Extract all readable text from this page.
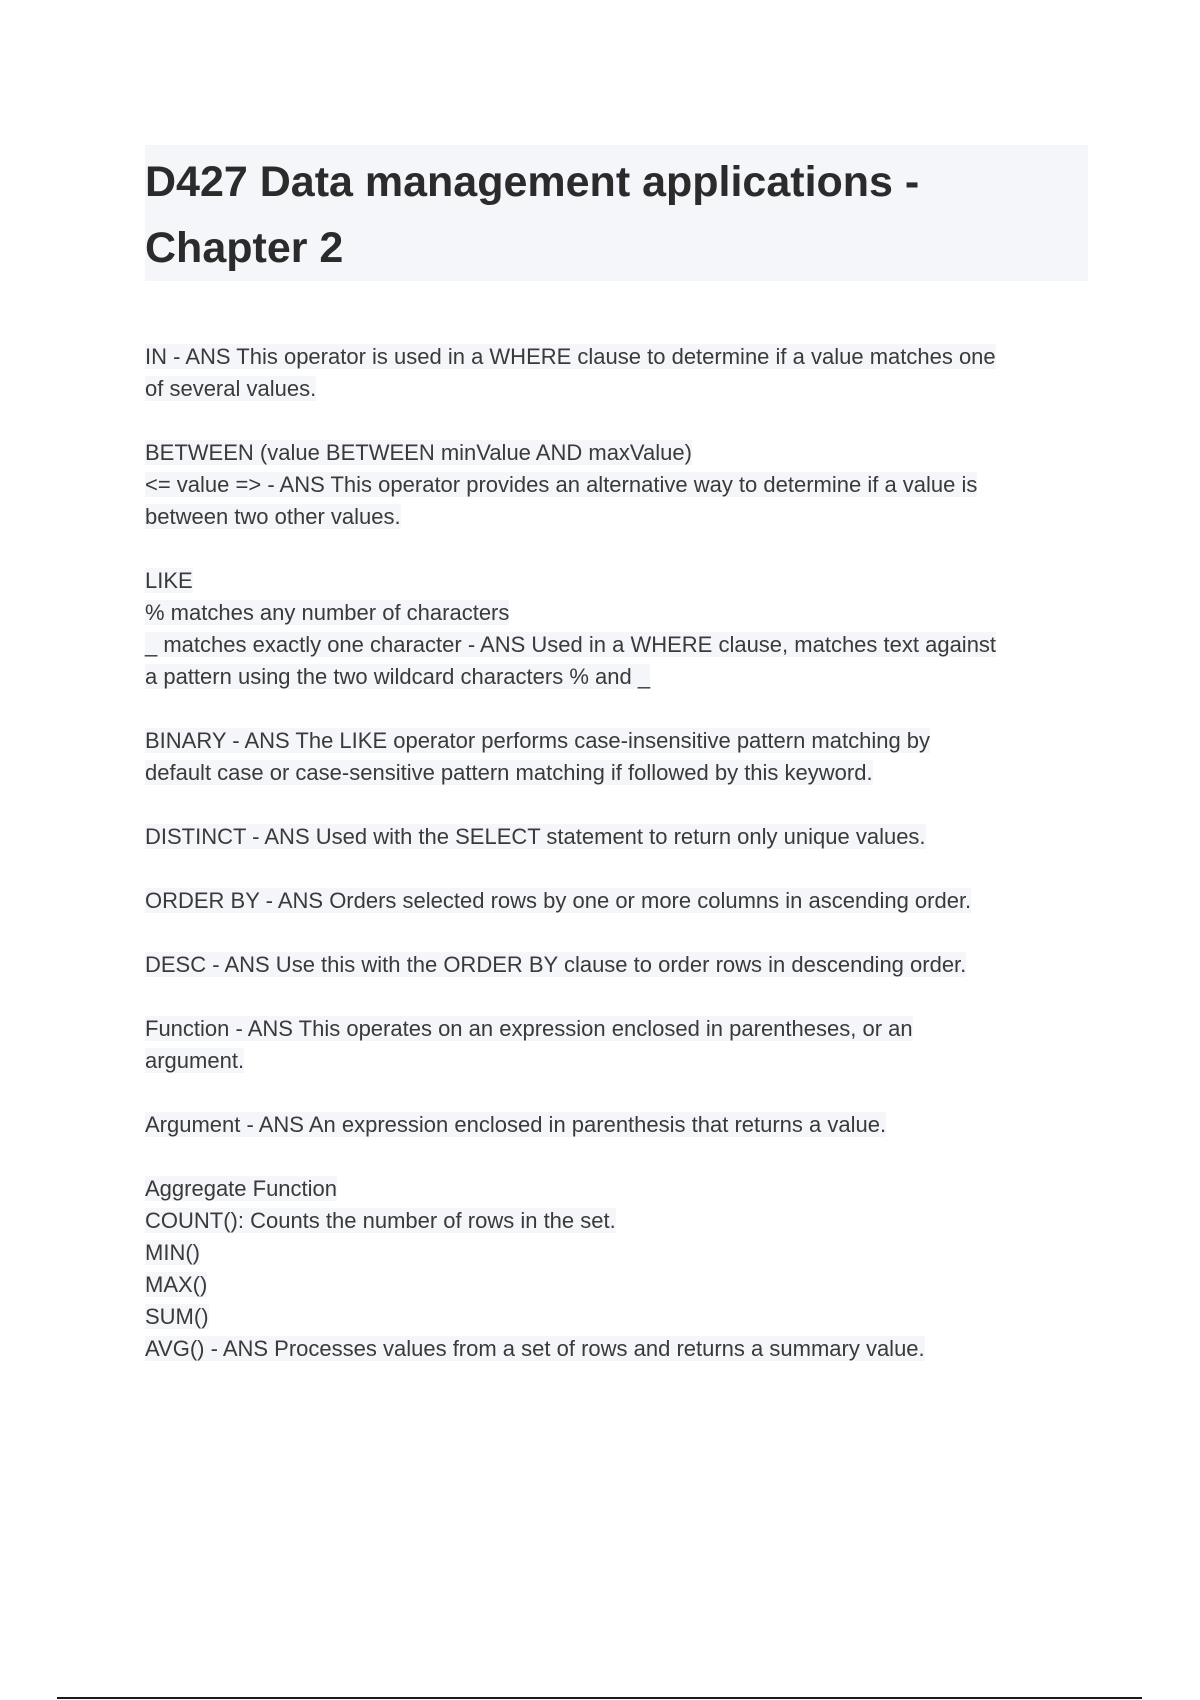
D427 Data management applications -
Chapter 2
IN - ANS This operator is used in a WHERE clause to determine if a value matches one
of several values.
BETWEEN (value BETWEEN minValue AND maxValue)
<= value => - ANS This operator provides an alternative way to determine if a value is
between two other values.
LIKE
% matches any number of characters
_ matches exactly one character - ANS Used in a WHERE clause, matches text against
a pattern using the two wildcard characters % and _
BINARY - ANS The LIKE operator performs case-insensitive pattern matching by
default case or case-sensitive pattern matching if followed by this keyword.
DISTINCT - ANS Used with the SELECT statement to return only unique values.
ORDER BY - ANS Orders selected rows by one or more columns in ascending order.
DESC - ANS Use this with the ORDER BY clause to order rows in descending order.
Function - ANS This operates on an expression enclosed in parentheses, or an
argument.
Argument - ANS An expression enclosed in parenthesis that returns a value.
Aggregate Function
COUNT(): Counts the number of rows in the set.
MIN()
MAX()
SUM()
AVG() - ANS Processes values from a set of rows and returns a summary value.
